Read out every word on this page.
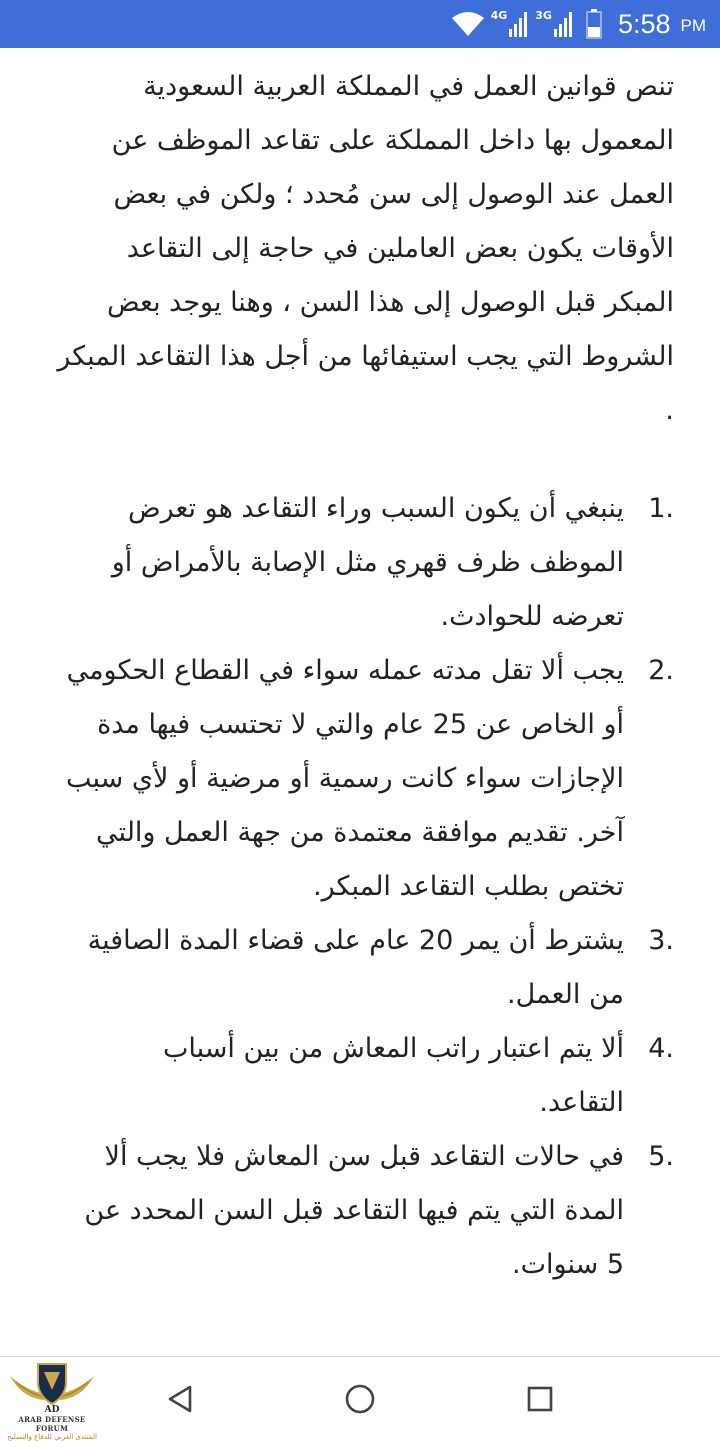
4G	3G 5:58 PM

تنص قوانين العمل في المملكة العربية السعودية المعمول بها داخل المملكة على تقاعد الموظف عن العمل عند الوصول إلى سن مُحدد ؛ ولكن في بعض الأوقات يكون بعض العاملين في حاجة إلى التقاعد المبكر قبل الوصول إلى هذا السن ، وهنا يوجد بعض الشروط التي يجب استيفائها من أجل هذا التقاعد المبكر .

1.
ينبغي أن يكون السبب وراء التقاعد هو تعرض الموظف ظرف قهري مثل الإصابة بالأمراض أو تعرضه للحوادث.
2.
يجب ألا تقل مدته عمله سواء في القطاع الحكومي أو الخاص عن 25 عام والتي لا تحتسب فيها مدة الإجازات سواء كانت رسمية أو مرضية أو لأي سبب آخر. تقديم موافقة معتمدة من جهة العمل والتي تختص بطلب التقاعد المبكر.
3.
يشترط أن يمر 20 عام على قضاء المدة الصافية من العمل.
4.
ألا يتم اعتبار راتب المعاش من بين أسباب التقاعد.
5.
في حالات التقاعد قبل سن المعاش فلا يجب ألا المدة التي يتم فيها التقاعد قبل السن المحدد عن 5 سنوات.
AD
ARAB DEFENSE FORUM
المنتدى العربي للدفاع والتسليح
